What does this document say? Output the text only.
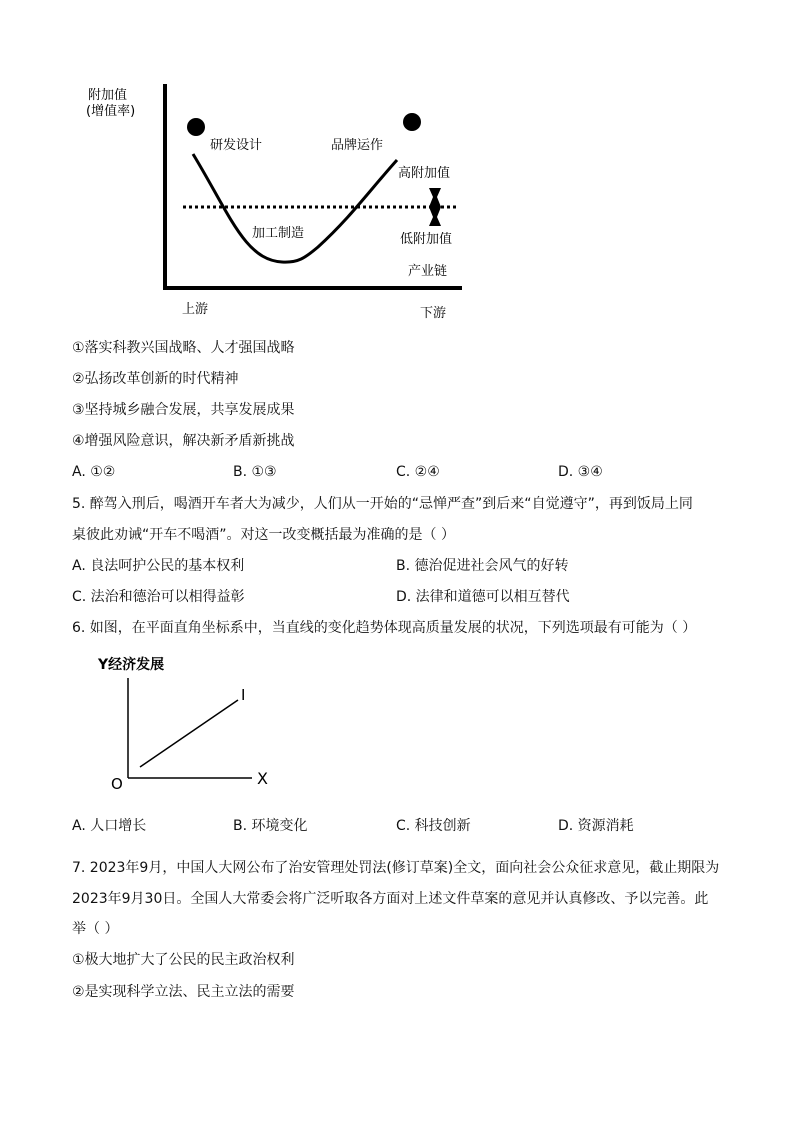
附加值
(增值率)
研发设计	品牌运作
高附加值
加工制造	低附加值
产业链
上游	下游
①落实科教兴国战略、人才强国战略
②弘扬改革创新的时代精神
③坚持城乡融合发展，共享发展成果
④增强风险意识，解决新矛盾新挑战
A. ①②	B. ①③	C. ②④	D. ③④
5. 醉驾入刑后，喝酒开车者大为减少，人们从一开始的“忌惮严查”到后来“自觉遵守”，再到饭局上同
桌彼此劝诫“开车不喝酒”。对这一改变概括最为准确的是（ ）
A. 良法呵护公民的基本权利	B. 德治促进社会风气的好转
C. 法治和德治可以相得益彰	D. 法律和道德可以相互替代
6. 如图，在平面直角坐标系中，当直线的变化趋势体现高质量发展的状况，下列选项最有可能为（ ）
Y经济发展
I
X
O
A. 人口增长	B. 环境变化	C. 科技创新	D. 资源消耗
7. 2023年9月，中国人大网公布了治安管理处罚法(修订草案)全文，面向社会公众征求意见，截止期限为
2023年9月30日。全国人大常委会将广泛听取各方面对上述文件草案的意见并认真修改、予以完善。此
举（ ）
①极大地扩大了公民的民主政治权利
②是实现科学立法、民主立法的需要
